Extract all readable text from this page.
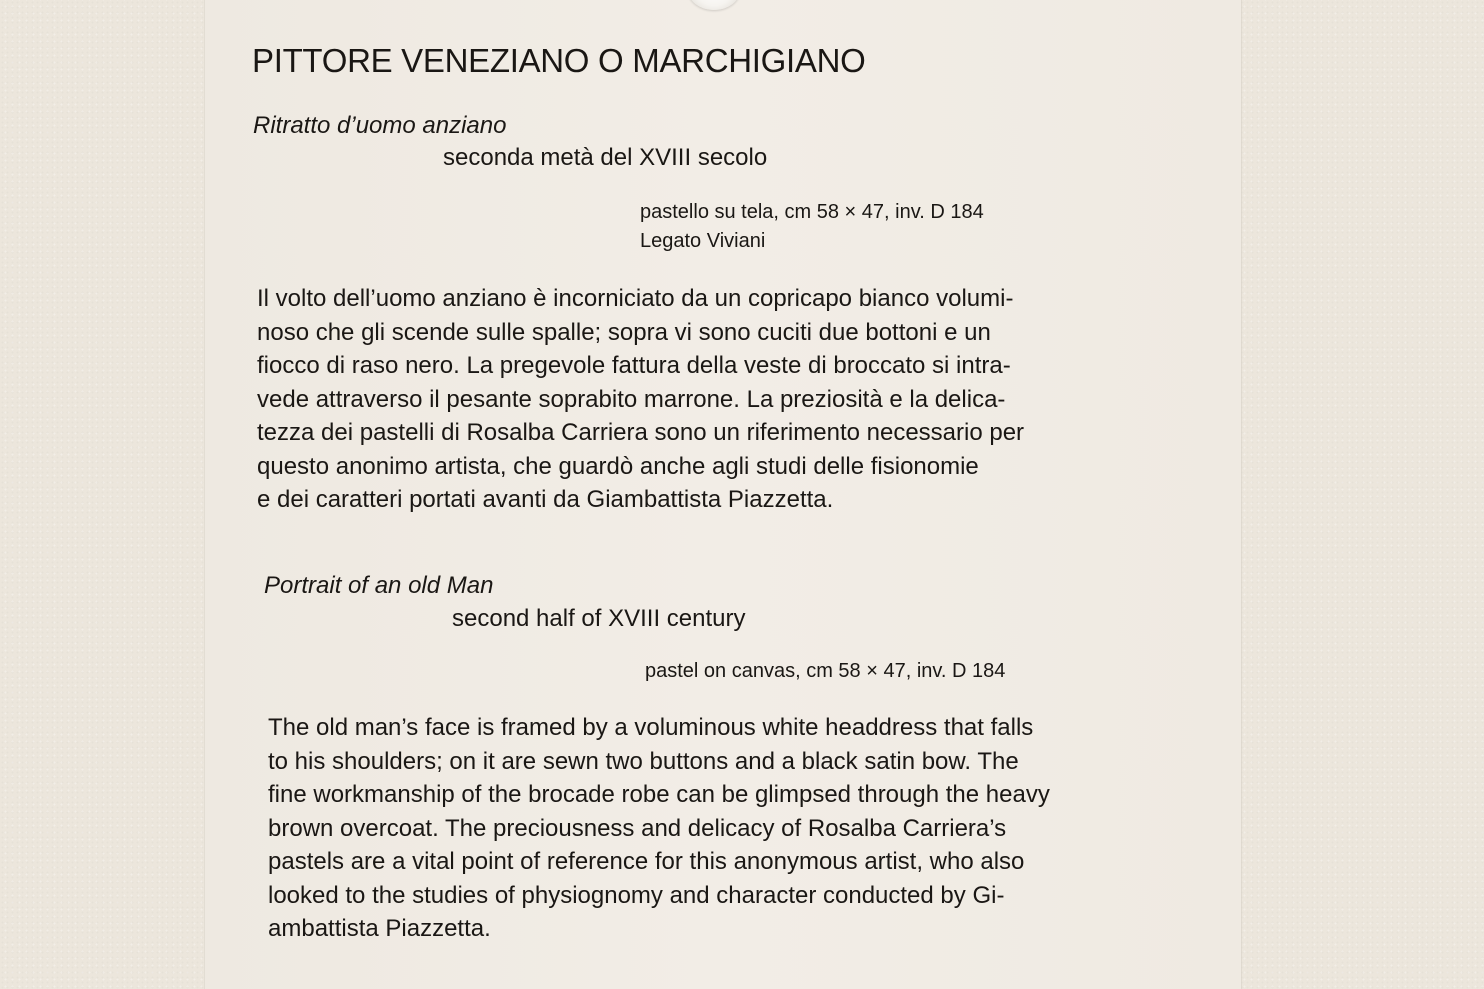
PITTORE VENEZIANO O MARCHIGIANO
Ritratto d’uomo anziano
seconda metà del XVIII secolo
pastello su tela, cm 58 × 47, inv. D 184
Legato Viviani
Il volto dell’uomo anziano è incorniciato da un copricapo bianco volumi-
noso che gli scende sulle spalle; sopra vi sono cuciti due bottoni e un
fiocco di raso nero. La pregevole fattura della veste di broccato si intra-
vede attraverso il pesante soprabito marrone. La preziosità e la delica-
tezza dei pastelli di Rosalba Carriera sono un riferimento necessario per
questo anonimo artista, che guardò anche agli studi delle fisionomie
e dei caratteri portati avanti da Giambattista Piazzetta.
Portrait of an old Man
second half of XVIII century
pastel on canvas, cm 58 × 47, inv. D 184
The old man’s face is framed by a voluminous white headdress that falls
to his shoulders; on it are sewn two buttons and a black satin bow. The
fine workmanship of the brocade robe can be glimpsed through the heavy
brown overcoat. The preciousness and delicacy of Rosalba Carriera’s
pastels are a vital point of reference for this anonymous artist, who also
looked to the studies of physiognomy and character conducted by Gi-
ambattista Piazzetta.
